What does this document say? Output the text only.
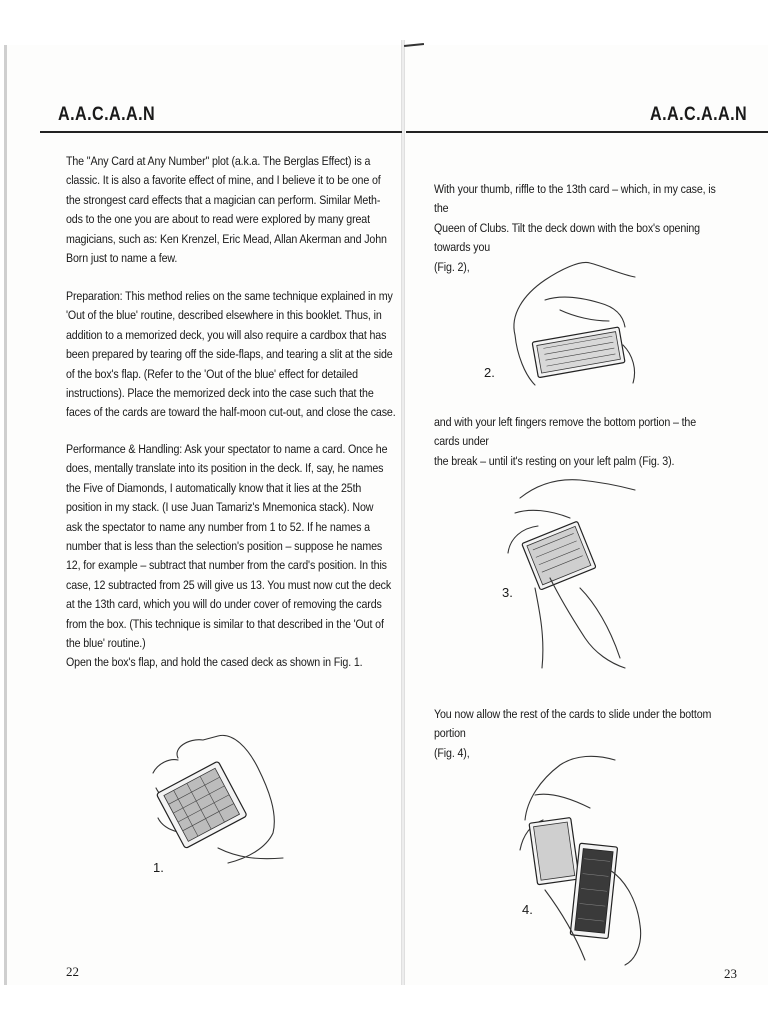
A.A.C.A.A.N
The "Any Card at Any Number" plot (a.k.a. The Berglas Effect) is a
classic. It is also a favorite effect of mine, and I believe it to be one of
the strongest card effects that a magician can perform. Similar Meth-
ods to the one you are about to read were explored by many great
magicians, such as: Ken Krenzel, Eric Mead, Allan Akerman and John
Born just to name a few.
Preparation: This method relies on the same technique explained in my
'Out of the blue' routine, described elsewhere in this booklet. Thus, in
addition to a memorized deck, you will also require a cardbox that has
been prepared by tearing off the side-flaps, and tearing a slit at the side
of the box's flap. (Refer to the 'Out of the blue' effect for detailed
instructions). Place the memorized deck into the case such that the
faces of the cards are toward the half-moon cut-out, and close the case.
Performance & Handling: Ask your spectator to name a card. Once he
does, mentally translate into its position in the deck. If, say, he names
the Five of Diamonds, I automatically know that it lies at the 25th
position in my stack. (I use Juan Tamariz's Mnemonica stack). Now
ask the spectator to name any number from 1 to 52. If he names a
number that is less than the selection's position – suppose he names
12, for example – subtract that number from the card's position. In this
case, 12 subtracted from 25 will give us 13. You must now cut the deck
at the 13th card, which you will do under cover of removing the cards
from the box. (This technique is similar to that described in the 'Out of
the blue' routine.)
Open the box's flap, and hold the cased deck as shown in Fig. 1.
1.
22
A.A.C.A.A.N
With your thumb, riffle to the 13th card – which, in my case, is the
Queen of Clubs. Tilt the deck down with the box's opening towards you
(Fig. 2),
2.
and with your left fingers remove the bottom portion – the cards under
the break – until it's resting on your left palm (Fig. 3).
3.
You now allow the rest of the cards to slide under the bottom portion
(Fig. 4),
4.
23
